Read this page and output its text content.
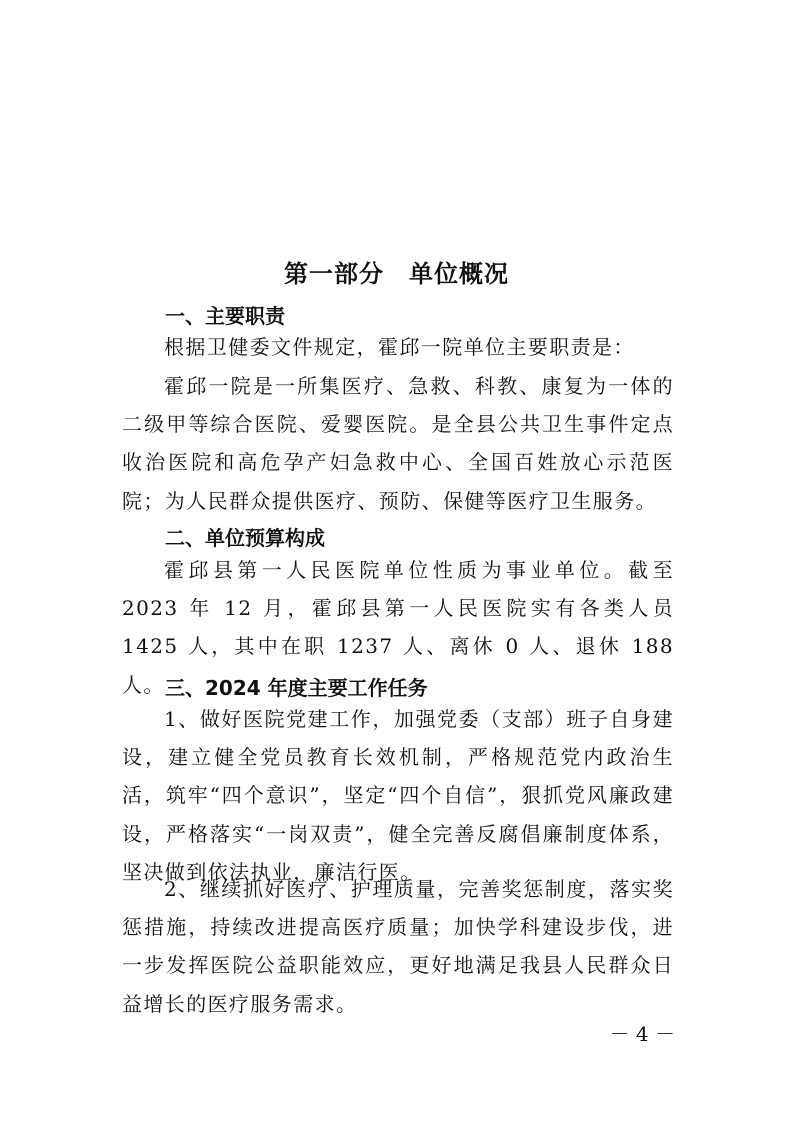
第一部分　单位概况
一、主要职责
根据卫健委文件规定，霍邱一院单位主要职责是：
霍邱一院是一所集医疗、急救、科教、康复为一体的二级甲等综合医院、爱婴医院。是全县公共卫生事件定点收治医院和高危孕产妇急救中心、全国百姓放心示范医院；为人民群众提供医疗、预防、保健等医疗卫生服务。
二、单位预算构成
霍邱县第一人民医院单位性质为事业单位。截至 2023 年 12 月，霍邱县第一人民医院实有各类人员 1425 人，其中在职 1237 人、离休 0 人、退休 188 人。 三、2024 年度主要工作任务
1、做好医院党建工作，加强党委（支部）班子自身建设，建立健全党员教育长效机制，严格规范党内政治生活，筑牢“四个意识”，坚定“四个自信”，狠抓党风廉政建设，严格落实“一岗双责”，健全完善反腐倡廉制度体系，坚决做到依法执业，廉洁行医。
2、继续抓好医疗、护理质量，完善奖惩制度，落实奖惩措施，持续改进提高医疗质量；加快学科建设步伐，进一步发挥医院公益职能效应，更好地满足我县人民群众日益增长的医疗服务需求。
－ 4 －
